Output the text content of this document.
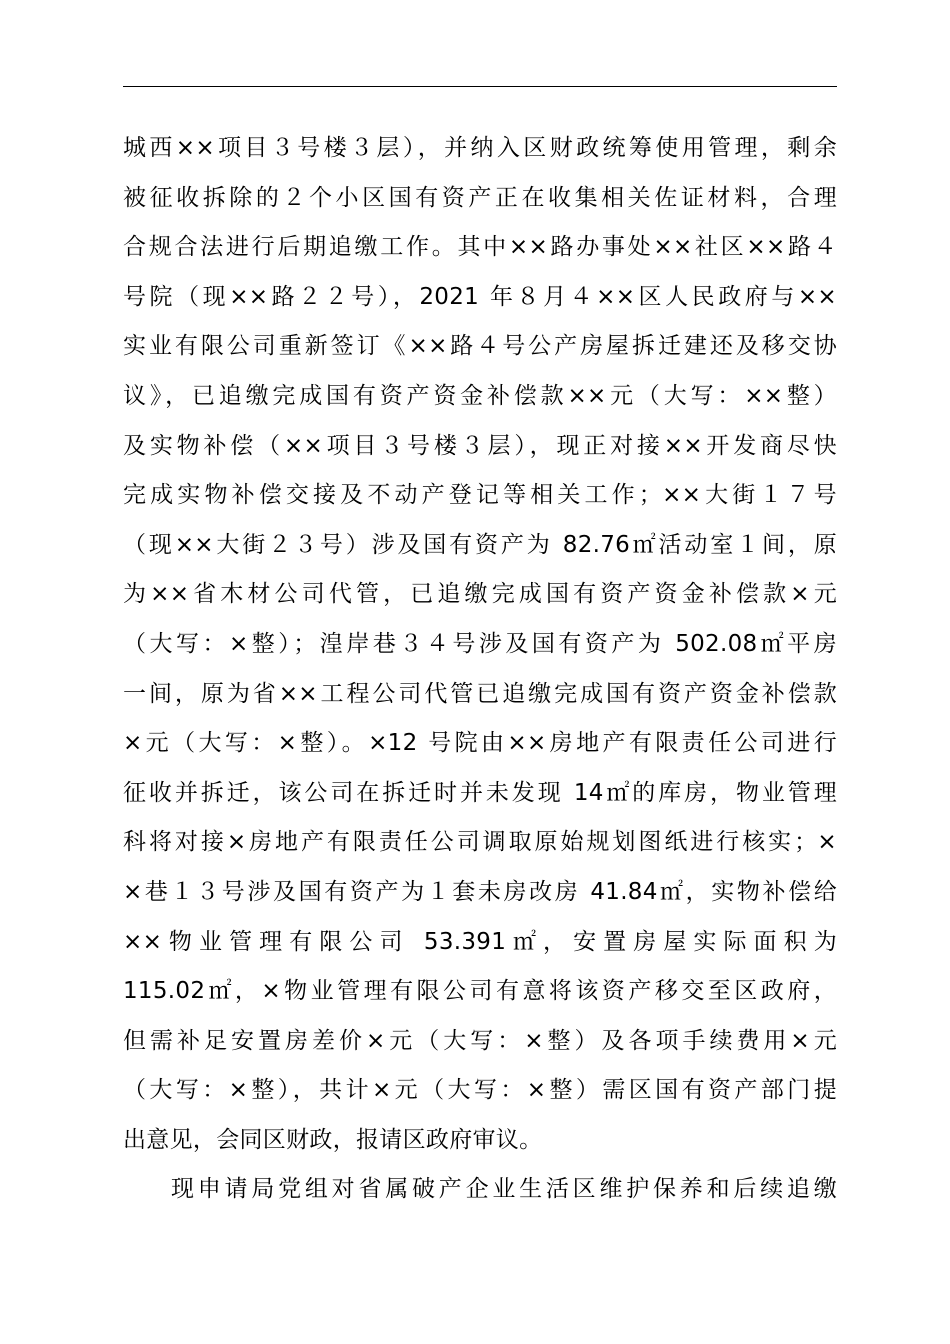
城西××项目３号楼３层），并纳入区财政统筹使用管理，剩余
被征收拆除的２个小区国有资产正在收集相关佐证材料，合理
合规合法进行后期追缴工作。其中××路办事处××社区××路４
号院（现××路２２号），2021 年８月４××区人民政府与××
实业有限公司重新签订《××路４号公产房屋拆迁建还及移交协
议》，已追缴完成国有资产资金补偿款××元（大写：××整）
及实物补偿（××项目３号楼３层），现正对接××开发商尽快
完成实物补偿交接及不动产登记等相关工作；××大街１７号
（现××大街２３号）涉及国有资产为 82.76㎡活动室１间，原
为××省木材公司代管，已追缴完成国有资产资金补偿款×元
（大写：×整）；湟岸巷３４号涉及国有资产为 502.08㎡平房
一间，原为省××工程公司代管已追缴完成国有资产资金补偿款
×元（大写：×整）。×12 号院由××房地产有限责任公司进行
征收并拆迁，该公司在拆迁时并未发现 14㎡的库房，物业管理
科将对接×房地产有限责任公司调取原始规划图纸进行核实；×
×巷１３号涉及国有资产为１套未房改房 41.84㎡，实物补偿给
××物业管理有限公司 53.391㎡，安置房屋实际面积为
115.02㎡，×物业管理有限公司有意将该资产移交至区政府，
但需补足安置房差价×元（大写：×整）及各项手续费用×元
（大写：×整），共计×元（大写：×整）需区国有资产部门提
出意见，会同区财政，报请区政府审议。
现申请局党组对省属破产企业生活区维护保养和后续追缴
